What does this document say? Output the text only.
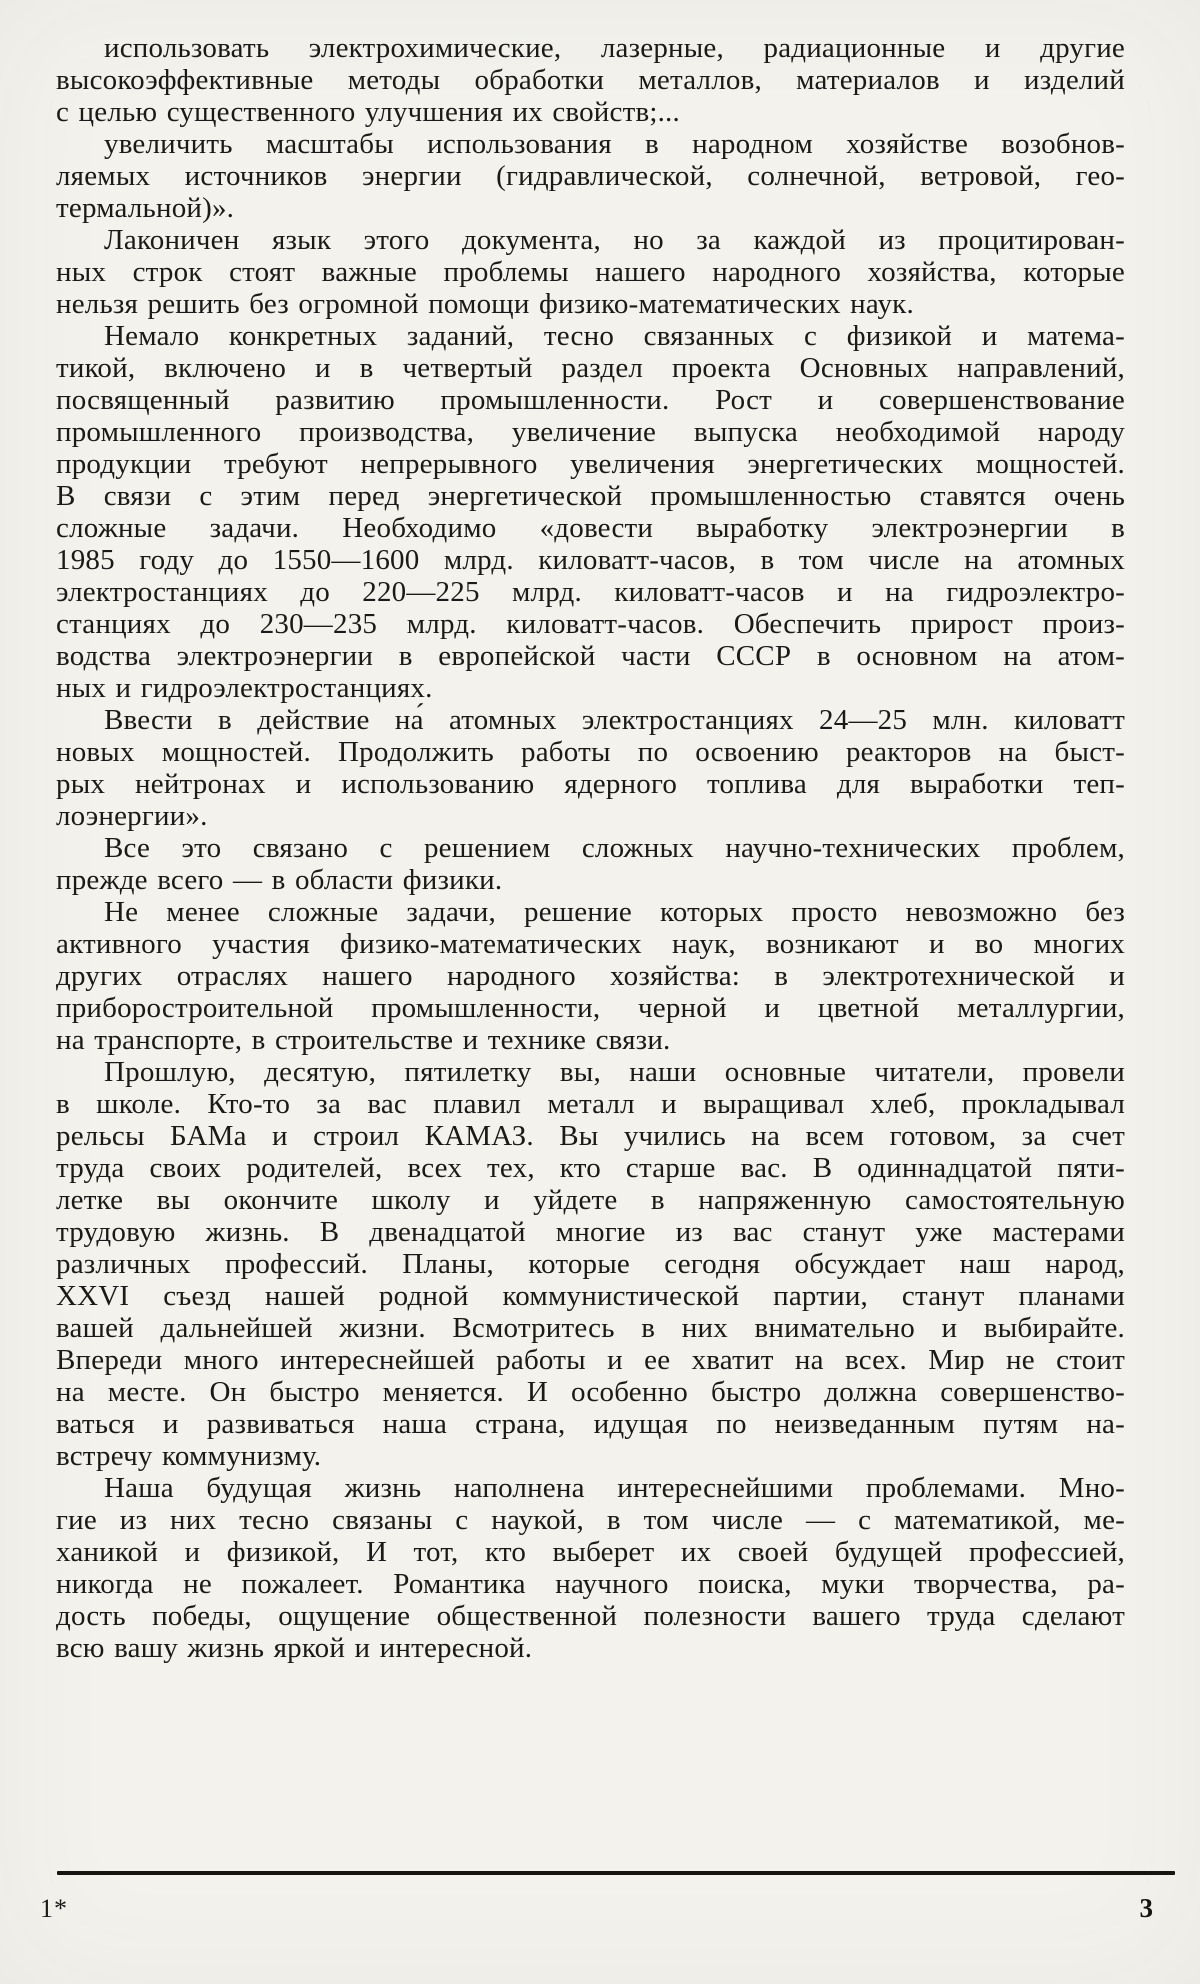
использовать электрохимические, лазерные, радиационные и другие
высокоэффективные методы обработки металлов, материалов и изделий
с целью существенного улучшения их свойств;...
увеличить масштабы использования в народном хозяйстве возобнов-
ляемых источников энергии (гидравлической, солнечной, ветровой, гео-
термальной)».
Лаконичен язык этого документа, но за каждой из процитирован-
ных строк стоят важные проблемы нашего народного хозяйства, которые
нельзя решить без огромной помощи физико-математических наук.
Немало конкретных заданий, тесно связанных с физикой и матема-
тикой, включено и в четвертый раздел проекта Основных направлений,
посвященный развитию промышленности. Рост и совершенствование
промышленного производства, увеличение выпуска необходимой народу
продукции требуют непрерывного увеличения энергетических мощностей.
В связи с этим перед энергетической промышленностью ставятся очень
сложные задачи. Необходимо «довести выработку электроэнергии в
1985 году до 1550—1600 млрд. киловатт-часов, в том числе на атомных
электростанциях до 220—225 млрд. киловатт-часов и на гидроэлектро-
станциях до 230—235 млрд. киловатт-часов. Обеспечить прирост произ-
водства электроэнергии в европейской части СССР в основном на атом-
ных и гидроэлектростанциях.
Ввести в действие на́ атомных электростанциях 24—25 млн. киловатт
новых мощностей. Продолжить работы по освоению реакторов на быст-
рых нейтронах и использованию ядерного топлива для выработки теп-
лоэнергии».
Все это связано с решением сложных научно-технических проблем,
прежде всего — в области физики.
Не менее сложные задачи, решение которых просто невозможно без
активного участия физико-математических наук, возникают и во многих
других отраслях нашего народного хозяйства: в электротехнической и
приборостроительной промышленности, черной и цветной металлургии,
на транспорте, в строительстве и технике связи.
Прошлую, десятую, пятилетку вы, наши основные читатели, провели
в школе. Кто-то за вас плавил металл и выращивал хлеб, прокладывал
рельсы БАМа и строил КАМАЗ. Вы учились на всем готовом, за счет
труда своих родителей, всех тех, кто старше вас. В одиннадцатой пяти-
летке вы окончите школу и уйдете в напряженную самостоятельную
трудовую жизнь. В двенадцатой многие из вас станут уже мастерами
различных профессий. Планы, которые сегодня обсуждает наш народ,
XXVI съезд нашей родной коммунистической партии, станут планами
вашей дальнейшей жизни. Всмотритесь в них внимательно и выбирайте.
Впереди много интереснейшей работы и ее хватит на всех. Мир не стоит
на месте. Он быстро меняется. И особенно быстро должна совершенство-
ваться и развиваться наша страна, идущая по неизведанным путям на-
встречу коммунизму.
Наша будущая жизнь наполнена интереснейшими проблемами. Мно-
гие из них тесно связаны с наукой, в том числе — с математикой, ме-
ханикой и физикой, И тот, кто выберет их своей будущей профессией,
никогда не пожалеет. Романтика научного поиска, муки творчества, ра-
дость победы, ощущение общественной полезности вашего труда сделают
всю вашу жизнь яркой и интересной.
1*	3
